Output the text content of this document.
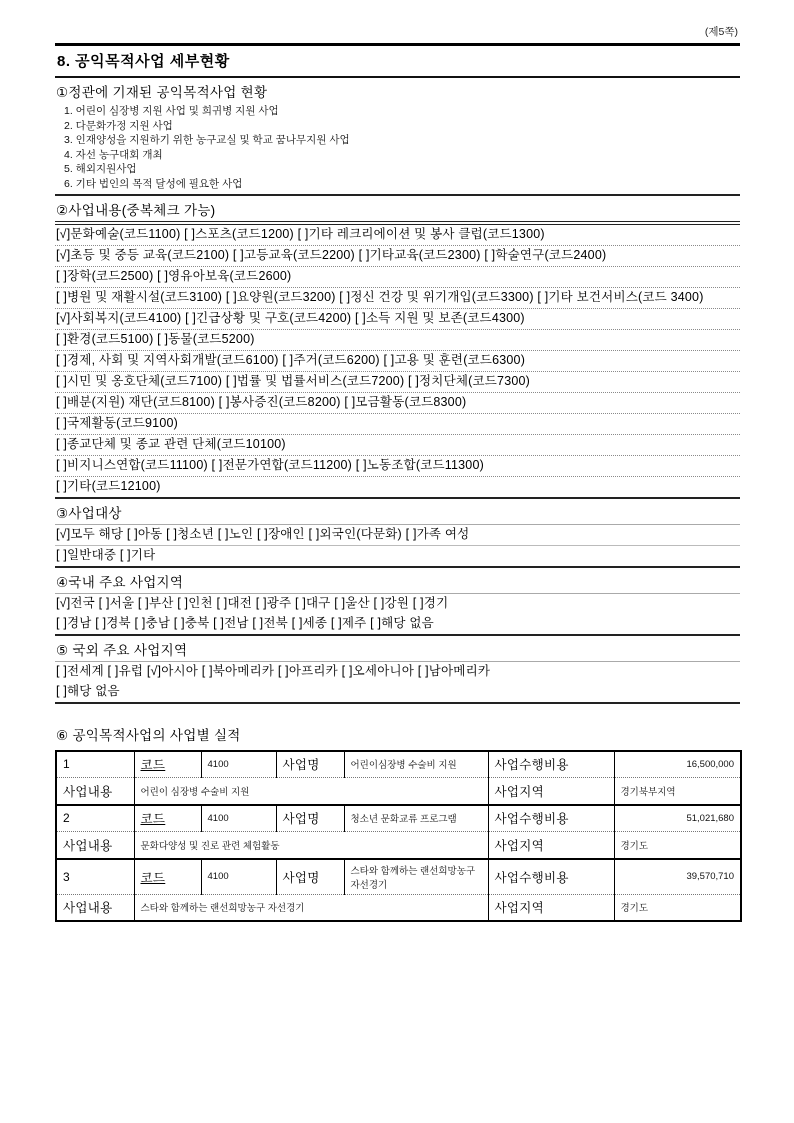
(제5쪽)
8. 공익목적사업 세부현황
①정관에 기재된 공익목적사업 현황
1. 어린이 심장병 지원 사업 및 희귀병 지원 사업
2. 다문화가정 지원 사업
3. 인재양성을 지원하기 위한 농구교실 및 학교 꿈나무지원 사업
4. 자선 농구대회 개최
5. 해외지원사업
6. 기타 법인의 목적 달성에 필요한 사업
②사업내용(중복체크 가능)
[√]문화예술(코드1100) [ ]스포츠(코드1200) [ ]기타 레크리에이션 및 봉사 클럽(코드1300)
[√]초등 및 중등 교육(코드2100) [ ]고등교육(코드2200) [ ]기타교육(코드2300) [ ]학술연구(코드2400)
[ ]장학(코드2500) [ ]영유아보육(코드2600)
[ ]병원 및 재활시설(코드3100) [ ]요양원(코드3200) [ ]정신 건강 및 위기개입(코드3300) [ ]기타 보건서비스(코드 3400)
[√]사회복지(코드4100) [ ]긴급상황 및 구호(코드4200) [ ]소득 지원 및 보존(코드4300)
[ ]환경(코드5100) [ ]동물(코드5200)
[ ]경제, 사회 및 지역사회개발(코드6100) [ ]주거(코드6200) [ ]고용 및 훈련(코드6300)
[ ]시민 및 옹호단체(코드7100) [ ]법률 및 법률서비스(코드7200) [ ]정치단체(코드7300)
[ ]배분(지원) 재단(코드8100) [ ]봉사증진(코드8200) [ ]모금활동(코드8300)
[ ]국제활동(코드9100)
[ ]종교단체 및 종교 관련 단체(코드10100)
[ ]비지니스연합(코드11100) [ ]전문가연합(코드11200) [ ]노동조합(코드11300)
[ ]기타(코드12100)
③사업대상
[√]모두 해당 [ ]아동 [ ]청소년 [ ]노인 [ ]장애인 [ ]외국인(다문화) [ ]가족 여성
[ ]일반대중 [ ]기타
④국내 주요 사업지역
[√]전국 [ ]서울 [ ]부산 [ ]인천 [ ]대전 [ ]광주 [ ]대구 [ ]울산 [ ]강원 [ ]경기
[ ]경남 [ ]경북 [ ]충남 [ ]충북 [ ]전남 [ ]전북 [ ]세종 [ ]제주 [ ]해당 없음
⑤ 국외 주요 사업지역
[ ]전세계 [ ]유럽 [√]아시아 [ ]북아메리카 [ ]아프리카 [ ]오세아니아 [ ]남아메리카
[ ]해당 없음
⑥ 공익목적사업의 사업별 실적
1	코드	4100	사업명	어린이심장병 수술비 지원	사업수행비용	16,500,000
사업내용	어린이 심장병 수술비 지원				사업지역	경기북부지역
2	코드	4100	사업명	청소년 문화교류 프로그램	사업수행비용	51,021,680
사업내용	문화다양성 및 진로 관련 체험활동				사업지역	경기도
3	코드	4100	사업명	스타와 함께하는 랜선희망농구 자선경기	사업수행비용	39,570,710
사업내용	스타와 함께하는 랜선희망농구 자선경기				사업지역	경기도
